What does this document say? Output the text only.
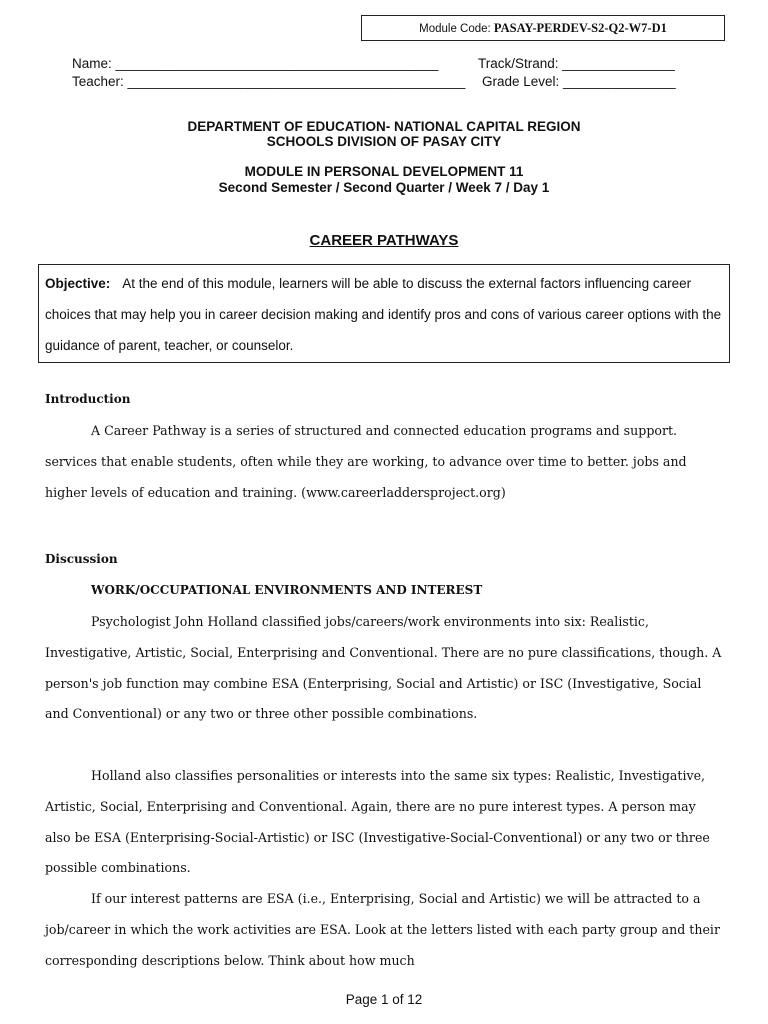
Module Code: PASAY-PERDEV-S2-Q2-W7-D1
Name: ___________________________________________	Track/Strand: _______________
Teacher: _____________________________________________ Grade Level: _______________
DEPARTMENT OF EDUCATION- NATIONAL CAPITAL REGION
SCHOOLS DIVISION OF PASAY CITY
MODULE IN PERSONAL DEVELOPMENT 11
Second Semester / Second Quarter / Week 7 / Day 1
CAREER PATHWAYS
Objective: At the end of this module, learners will be able to discuss the external factors influencing career choices that may help you in career decision making and identify pros and cons of various career options with the guidance of parent, teacher, or counselor.
Introduction
A Career Pathway is a series of structured and connected education programs and support. services that enable students, often while they are working, to advance over time to better. jobs and higher levels of education and training. (www.careerladdersproject.org)
Discussion
WORK/OCCUPATIONAL ENVIRONMENTS AND INTEREST
Psychologist John Holland classified jobs/careers/work environments into six: Realistic, Investigative, Artistic, Social, Enterprising and Conventional. There are no pure classifications, though. A person's job function may combine ESA (Enterprising, Social and Artistic) or ISC (Investigative, Social and Conventional) or any two or three other possible combinations.
Holland also classifies personalities or interests into the same six types: Realistic, Investigative, Artistic, Social, Enterprising and Conventional. Again, there are no pure interest types. A person may also be ESA (Enterprising-Social-Artistic) or ISC (Investigative-Social-Conventional) or any two or three possible combinations.
If our interest patterns are ESA (i.e., Enterprising, Social and Artistic) we will be attracted to a job/career in which the work activities are ESA. Look at the letters listed with each party group and their corresponding descriptions below. Think about how much
Page 1 of 12
